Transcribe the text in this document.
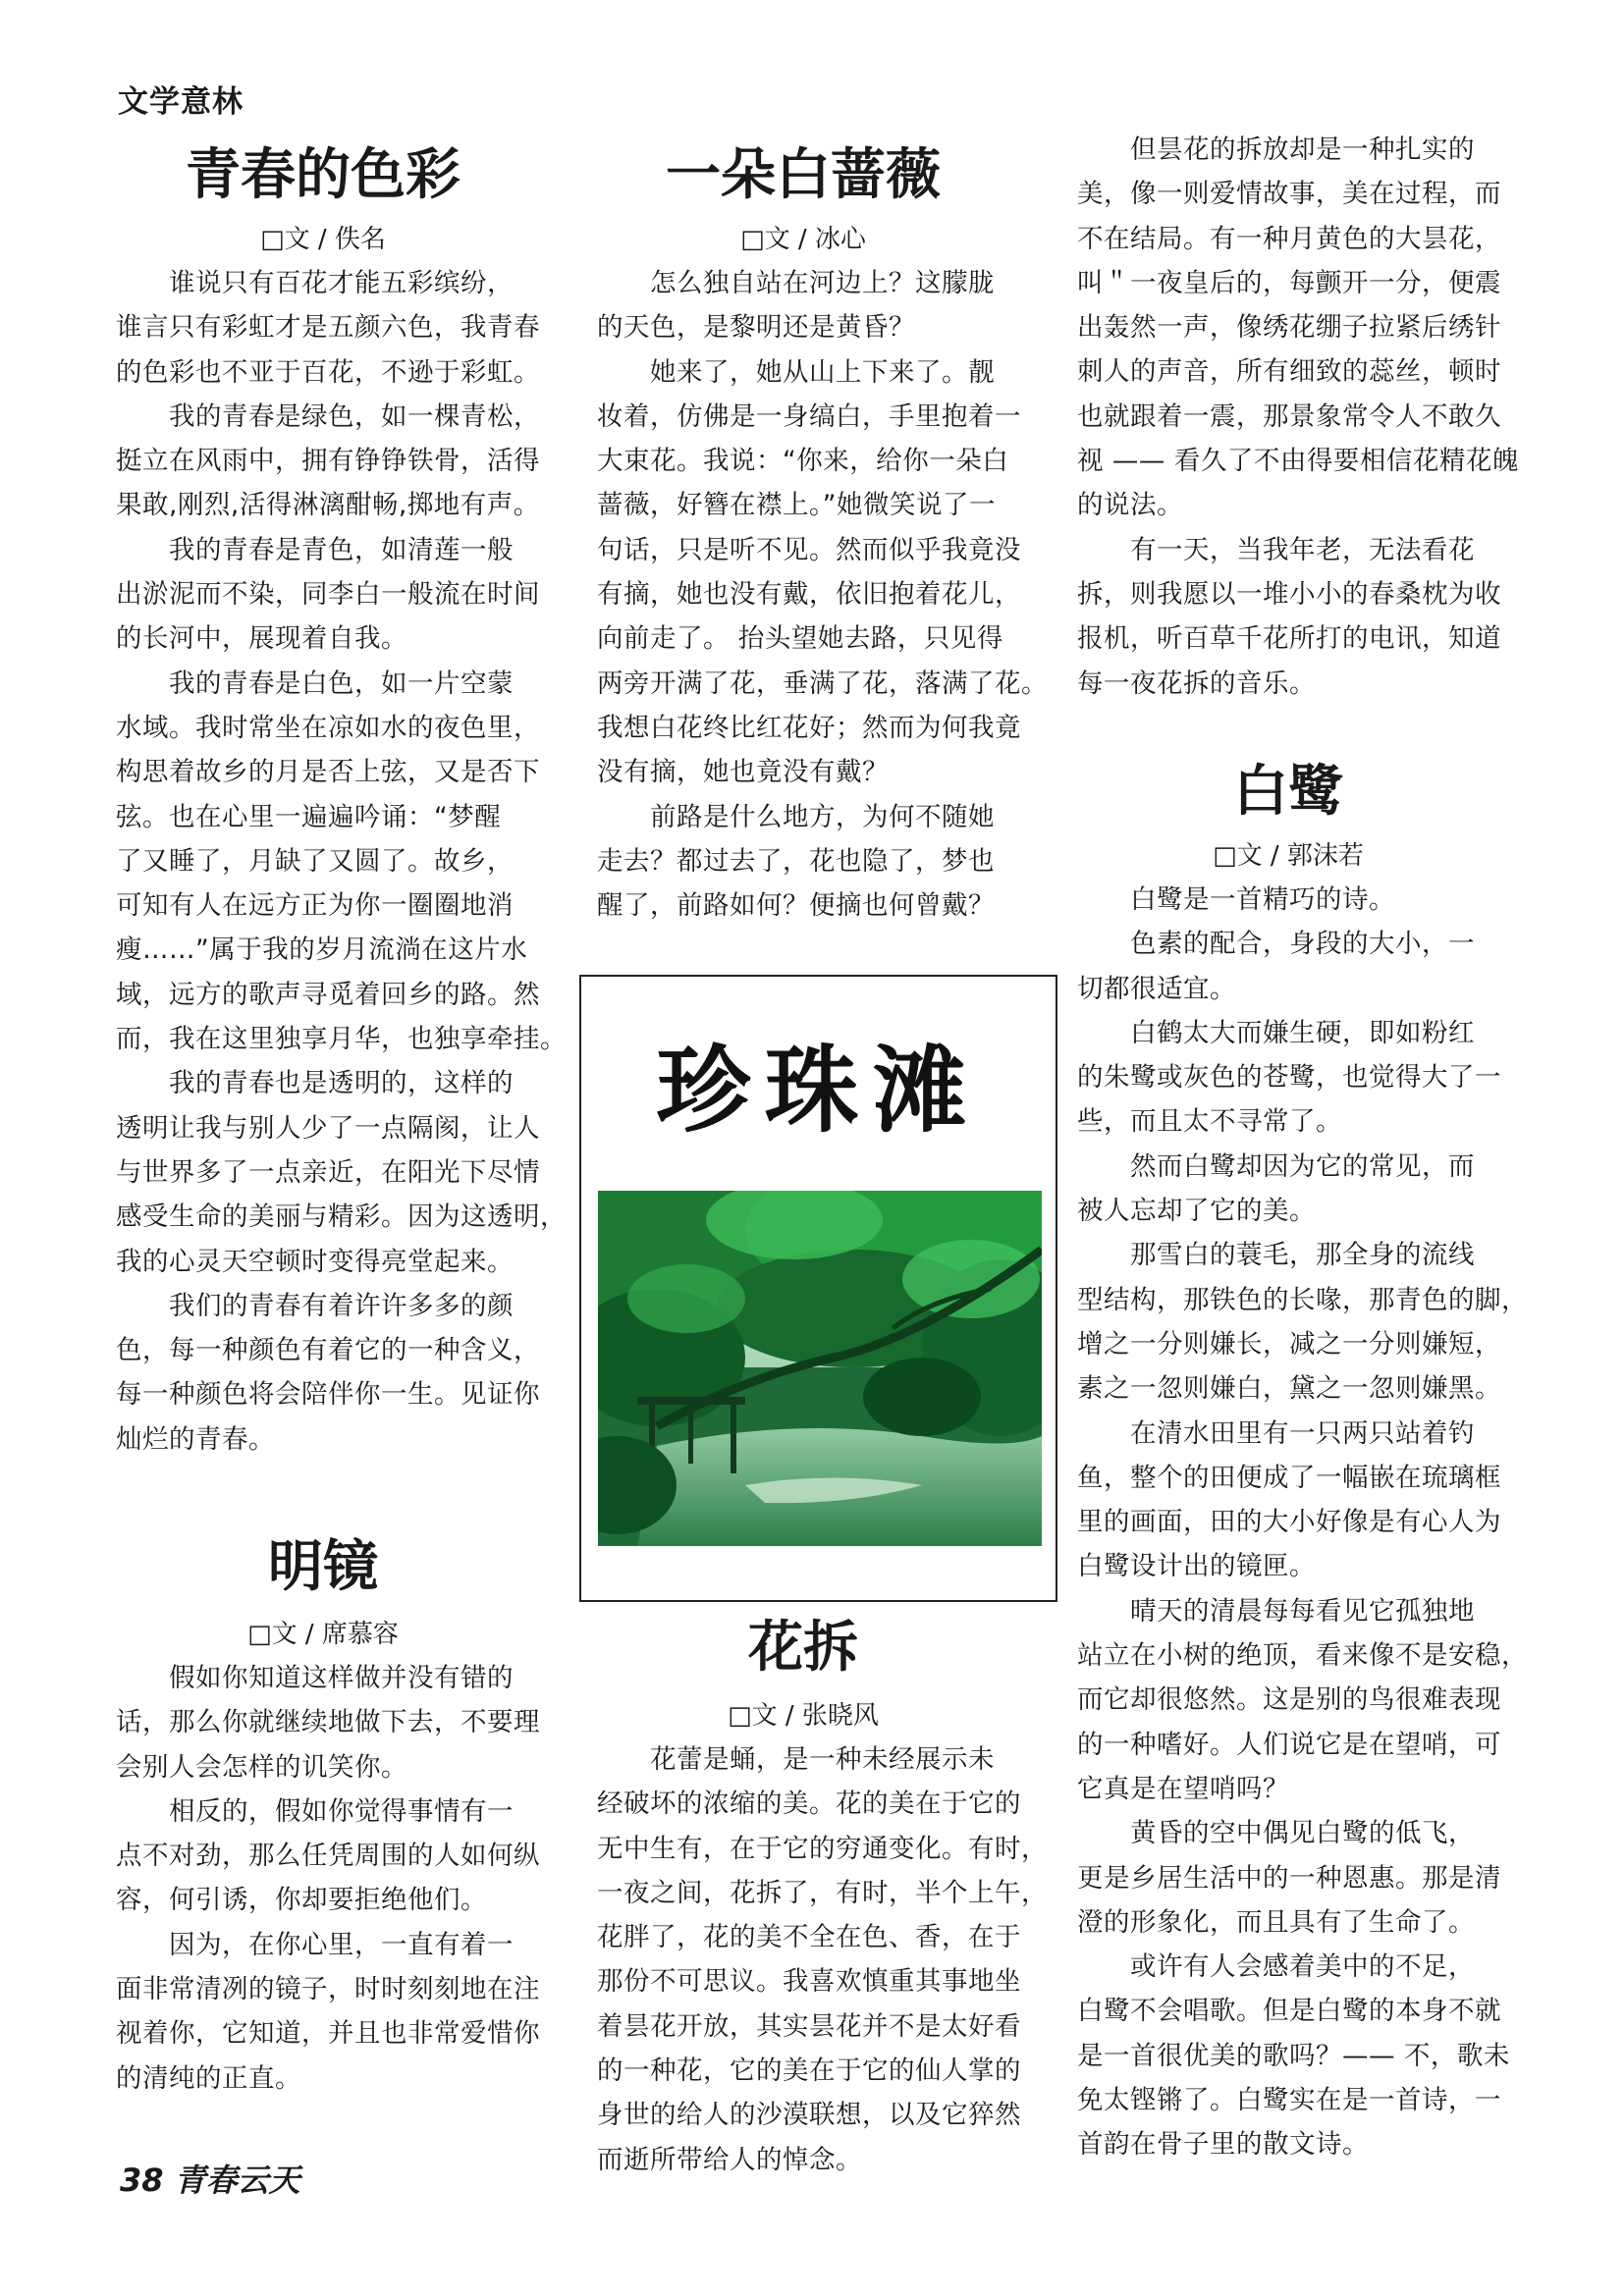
文学意林
青春的色彩
□文 / 佚名
　　谁说只有百花才能五彩缤纷，
谁言只有彩虹才是五颜六色，我青春
的色彩也不亚于百花，不逊于彩虹。
　　我的青春是绿色，如一棵青松，
挺立在风雨中，拥有铮铮铁骨，活得
果敢,刚烈,活得淋漓酣畅,掷地有声。
　　我的青春是青色，如清莲一般
出淤泥而不染，同李白一般流在时间
的长河中，展现着自我。
　　我的青春是白色，如一片空蒙
水域。我时常坐在凉如水的夜色里，
构思着故乡的月是否上弦，又是否下
弦。也在心里一遍遍吟诵：“梦醒
了又睡了，月缺了又圆了。故乡，
可知有人在远方正为你一圈圈地消
瘦……”属于我的岁月流淌在这片水
域，远方的歌声寻觅着回乡的路。然
而，我在这里独享月华，也独享牵挂。
　　我的青春也是透明的，这样的
透明让我与别人少了一点隔阂，让人
与世界多了一点亲近，在阳光下尽情
感受生命的美丽与精彩。因为这透明，
我的心灵天空顿时变得亮堂起来。
　　我们的青春有着许许多多的颜
色，每一种颜色有着它的一种含义，
每一种颜色将会陪伴你一生。见证你
灿烂的青春。
明镜
□文 / 席慕容
　　假如你知道这样做并没有错的
话，那么你就继续地做下去，不要理
会别人会怎样的讥笑你。
　　相反的，假如你觉得事情有一
点不对劲，那么任凭周围的人如何纵
容，何引诱，你却要拒绝他们。
　　因为，在你心里，一直有着一
面非常清冽的镜子，时时刻刻地在注
视着你，它知道，并且也非常爱惜你
的清纯的正直。
一朵白蔷薇
□文 / 冰心
　　怎么独自站在河边上？这朦胧
的天色，是黎明还是黄昏？
　　她来了，她从山上下来了。靓
妆着，仿佛是一身缟白，手里抱着一
大束花。我说：“你来，给你一朵白
蔷薇，好簪在襟上。”她微笑说了一
句话，只是听不见。然而似乎我竟没
有摘，她也没有戴，依旧抱着花儿，
向前走了。 抬头望她去路，只见得
两旁开满了花，垂满了花，落满了花。
我想白花终比红花好；然而为何我竟
没有摘，她也竟没有戴？
　　前路是什么地方，为何不随她
走去？都过去了，花也隐了，梦也
醒了，前路如何？便摘也何曾戴？
珍珠滩
花拆
□文 / 张晓风
　　花蕾是蛹，是一种未经展示未
经破坏的浓缩的美。花的美在于它的
无中生有，在于它的穷通变化。有时，
一夜之间，花拆了，有时，半个上午，
花胖了，花的美不全在色、香，在于
那份不可思议。我喜欢慎重其事地坐
着昙花开放，其实昙花并不是太好看
的一种花，它的美在于它的仙人掌的
身世的给人的沙漠联想，以及它猝然
而逝所带给人的悼念。
　　但昙花的拆放却是一种扎实的
美，像一则爱情故事，美在过程，而
不在结局。有一种月黄色的大昙花，
叫＂一夜皇后的，每颤开一分，便震
出轰然一声，像绣花绷子拉紧后绣针
刺人的声音，所有细致的蕊丝，顿时
也就跟着一震，那景象常令人不敢久
视 —— 看久了不由得要相信花精花魄
的说法。
　　有一天，当我年老，无法看花
拆，则我愿以一堆小小的春桑枕为收
报机，听百草千花所打的电讯，知道
每一夜花拆的音乐。
白鹭
□文 / 郭沫若
　　白鹭是一首精巧的诗。
　　色素的配合，身段的大小，一
切都很适宜。
　　白鹤太大而嫌生硬，即如粉红
的朱鹭或灰色的苍鹭，也觉得大了一
些，而且太不寻常了。
　　然而白鹭却因为它的常见，而
被人忘却了它的美。
　　那雪白的蓑毛，那全身的流线
型结构，那铁色的长喙，那青色的脚，
增之一分则嫌长，减之一分则嫌短，
素之一忽则嫌白，黛之一忽则嫌黑。
　　在清水田里有一只两只站着钓
鱼，整个的田便成了一幅嵌在琉璃框
里的画面，田的大小好像是有心人为
白鹭设计出的镜匣。
　　晴天的清晨每每看见它孤独地
站立在小树的绝顶，看来像不是安稳，
而它却很悠然。这是别的鸟很难表现
的一种嗜好。人们说它是在望哨，可
它真是在望哨吗？
　　黄昏的空中偶见白鹭的低飞，
更是乡居生活中的一种恩惠。那是清
澄的形象化，而且具有了生命了。
　　或许有人会感着美中的不足，
白鹭不会唱歌。但是白鹭的本身不就
是一首很优美的歌吗？—— 不，歌未
免太铿锵了。白鹭实在是一首诗，一
首韵在骨子里的散文诗。
38 青春云天
